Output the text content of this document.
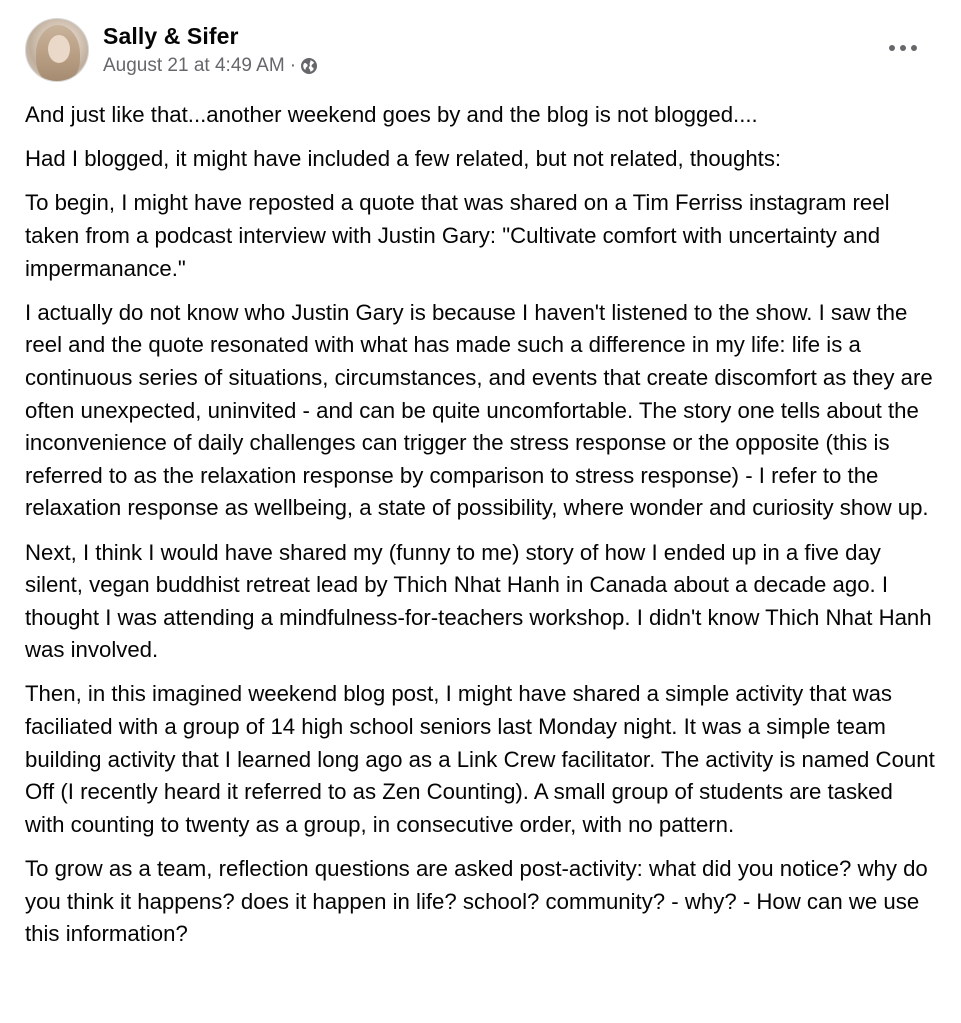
Sally & Sifer
August 21 at 4:49 AM ·

And just like that...another weekend goes by and the blog is not blogged....

Had I blogged, it might have included a few related, but not related, thoughts:

To begin, I might have reposted a quote that was shared on a Tim Ferriss instagram reel taken from a podcast interview with Justin Gary: "Cultivate comfort with uncertainty and impermanance."

I actually do not know who Justin Gary is because I haven't listened to the show. I saw the reel and the quote resonated with what has made such a difference in my life: life is a continuous series of situations, circumstances, and events that create discomfort as they are often unexpected, uninvited - and can be quite uncomfortable. The story one tells about the inconvenience of daily challenges can trigger the stress response or the opposite (this is referred to as the relaxation response by comparison to stress response) - I refer to the relaxation response as wellbeing, a state of possibility, where wonder and curiosity show up.

Next, I think I would have shared my (funny to me) story of how I ended up in a five day silent, vegan buddhist retreat lead by Thich Nhat Hanh in Canada about a decade ago. I thought I was attending a mindfulness-for-teachers workshop. I didn't know Thich Nhat Hanh was involved.

Then, in this imagined weekend blog post, I might have shared a simple activity that was faciliated with a group of 14 high school seniors last Monday night. It was a simple team building activity that I learned long ago as a Link Crew facilitator. The activity is named Count Off (I recently heard it referred to as Zen Counting). A small group of students are tasked with counting to twenty as a group, in consecutive order, with no pattern.

To grow as a team, reflection questions are asked post-activity: what did you notice? why do you think it happens? does it happen in life? school? community? - why? - How can we use this information?
